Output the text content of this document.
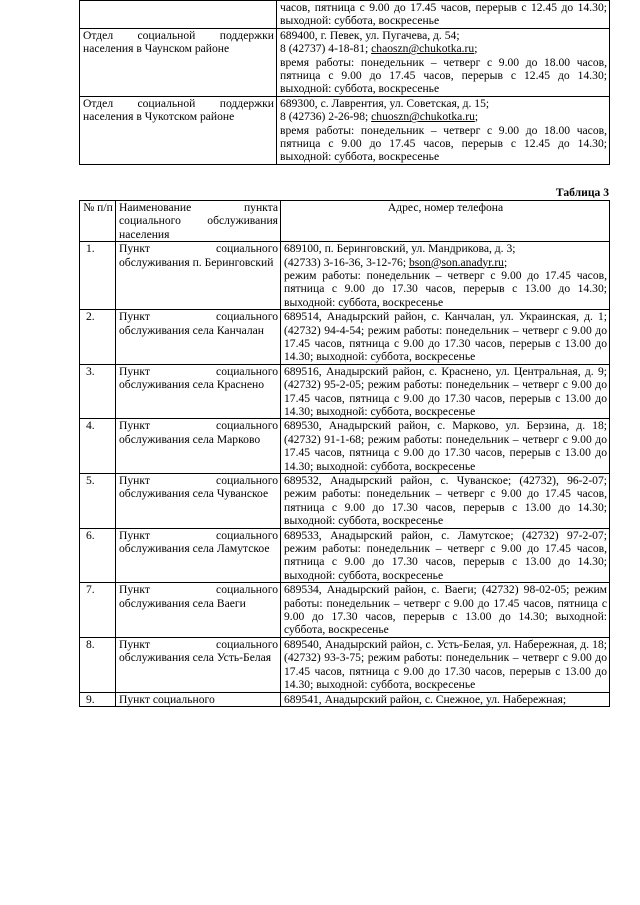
	часов, пятница с 9.00 до 17.45 часов, перерыв с 12.45 до 14.30; выходной: суббота, воскресенье
Отдел социальной поддержки населения в Чаунском районе	689400, г. Певек, ул. Пугачева, д. 54;
8 (42737) 4-18-81; chaoszn@chukotka.ru;
время работы: понедельник – четверг с 9.00 до 18.00 часов, пятница с 9.00 до 17.45 часов, перерыв с 12.45 до 14.30; выходной: суббота, воскресенье
Отдел социальной поддержки населения в Чукотском районе	689300, с. Лаврентия, ул. Советская, д. 15;
8 (42736) 2-26-98; chuoszn@chukotka.ru;
время работы: понедельник – четверг с 9.00 до 18.00 часов, пятница с 9.00 до 17.45 часов, перерыв с 12.45 до 14.30; выходной: суббота, воскресенье
Таблица 3
№ п/п	Наименование пункта социального обслуживания населения	Адрес, номер телефона
1.	Пункт социального обслуживания п. Беринговский	689100, п. Беринговский, ул. Мандрикова, д. 3;
(42733) 3-16-36, 3-12-76; bson@son.anadyr.ru;
режим работы: понедельник – четверг с 9.00 до 17.45 часов, пятница с 9.00 до 17.30 часов, перерыв с 13.00 до 14.30; выходной: суббота, воскресенье
2.	Пункт социального обслуживания села Канчалан	689514, Анадырский район, с. Канчалан, ул. Украинская, д. 1; (42732) 94-4-54; режим работы: понедельник – четверг с 9.00 до 17.45 часов, пятница с 9.00 до 17.30 часов, перерыв с 13.00 до 14.30; выходной: суббота, воскресенье
3.	Пункт социального обслуживания села Краснено	689516, Анадырский район, с. Краснено, ул. Центральная, д. 9; (42732) 95-2-05; режим работы: понедельник – четверг с 9.00 до 17.45 часов, пятница с 9.00 до 17.30 часов, перерыв с 13.00 до 14.30; выходной: суббота, воскресенье
4.	Пункт социального обслуживания села Марково	689530, Анадырский район, с. Марково, ул. Берзина, д. 18; (42732) 91-1-68; режим работы: понедельник – четверг с 9.00 до 17.45 часов, пятница с 9.00 до 17.30 часов, перерыв с 13.00 до 14.30; выходной: суббота, воскресенье
5.	Пункт социального обслуживания села Чуванское	689532, Анадырский район, с. Чуванское; (42732), 96-2-07; режим работы: понедельник – четверг с 9.00 до 17.45 часов, пятница с 9.00 до 17.30 часов, перерыв с 13.00 до 14.30; выходной: суббота, воскресенье
6.	Пункт социального обслуживания села Ламутское	689533, Анадырский район, с. Ламутское; (42732) 97-2-07; режим работы: понедельник – четверг с 9.00 до 17.45 часов, пятница с 9.00 до 17.30 часов, перерыв с 13.00 до 14.30; выходной: суббота, воскресенье
7.	Пункт социального обслуживания села Ваеги	689534, Анадырский район, с. Ваеги; (42732) 98-02-05; режим работы: понедельник – четверг с 9.00 до 17.45 часов, пятница с 9.00 до 17.30 часов, перерыв с 13.00 до 14.30; выходной: суббота, воскресенье
8.	Пункт социального обслуживания села Усть-Белая	689540, Анадырский район, с. Усть-Белая, ул. Набережная, д. 18; (42732) 93-3-75; режим работы: понедельник – четверг с 9.00 до 17.45 часов, пятница с 9.00 до 17.30 часов, перерыв с 13.00 до 14.30; выходной: суббота, воскресенье
9.	Пункт социального	689541, Анадырский район, с. Снежное, ул. Набережная;
